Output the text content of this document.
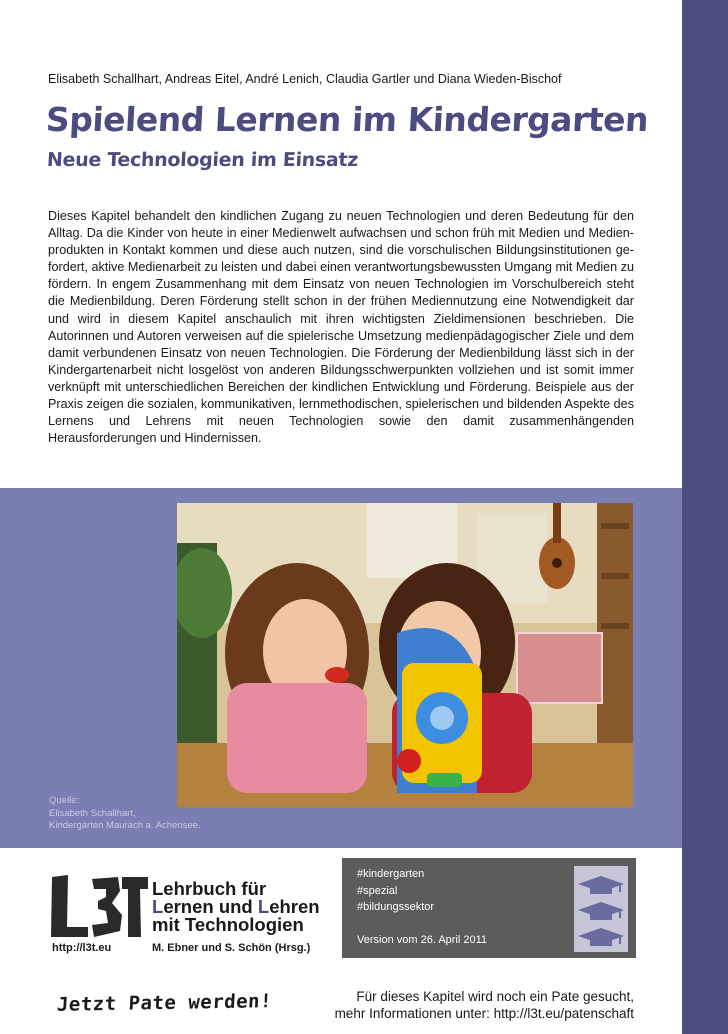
Elisabeth Schallhart, Andreas Eitel, André Lenich, Claudia Gartler und Diana Wieden-Bischof
Spielend Lernen im Kindergarten
Neue Technologien im Einsatz

Dieses Kapitel behandelt den kindlichen Zugang zu neuen Technologien und deren Bedeutung für den Alltag. Da die Kinder von heute in einer Medienwelt aufwachsen und schon früh mit Medien und Medienprodukten in Kontakt kommen und diese auch nutzen, sind die vorschulischen Bildungsinstitutionen gefordert, aktive Medienarbeit zu leisten und dabei einen verantwortungsbewussten Umgang mit Medien zu fördern. In engem Zusammenhang mit dem Einsatz von neuen Technologien im Vorschulbereich steht die Medienbildung. Deren Förderung stellt schon in der frühen Mediennutzung eine Notwendigkeit dar und wird in diesem Kapitel anschaulich mit ihren wichtigsten Zieldimensionen beschrieben. Die Autorinnen und Autoren verweisen auf die spielerische Umsetzung medienpädagogischer Ziele und dem damit verbundenen Einsatz von neuen Technologien. Die Förderung der Medienbildung lässt sich in der Kindergartenarbeit nicht losgelöst von anderen Bildungsschwerpunkten vollziehen und ist somit immer verknüpft mit unterschiedlichen Bereichen der kindlichen Entwicklung und Förderung. Beispiele aus der Praxis zeigen die sozialen, kommunikativen, lernmethodischen, spielerischen und bildenden Aspekte des Lernens und Lehrens mit neuen Technologien sowie den damit zusammenhängenden Herausforderungen und Hindernissen.

Quelle:
Elisabeth Schallhart,
Kindergarten Maurach a. Achensee.
Lehrbuch für
Lernen und Lehren
mit Technologien
http://l3t.eu	M. Ebner und S. Schön (Hrsg.)
#kindergarten
#spezial
#bildungssektor
Version vom 26. April 2011
Jetzt Pate werden!	Für dieses Kapitel wird noch ein Pate gesucht,
mehr Informationen unter: http://l3t.eu/patenschaft
